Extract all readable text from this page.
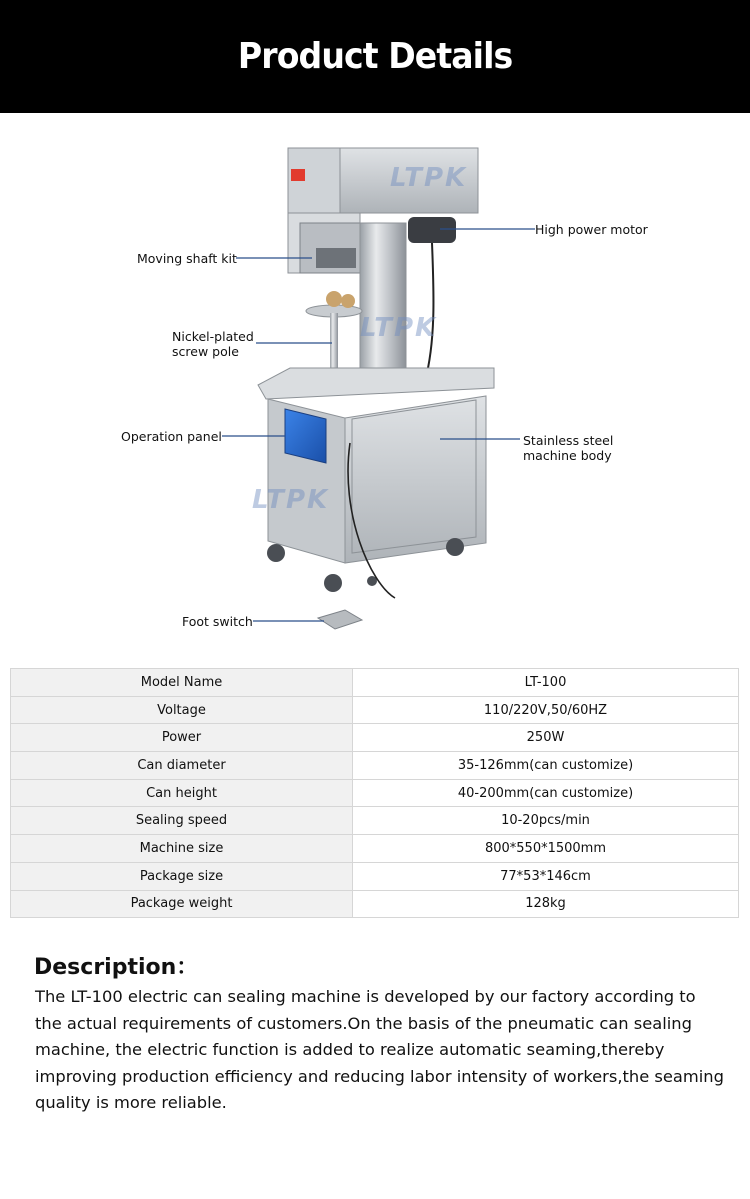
Product Details
LTPK
LTPK
LTPK
High power motor
Moving shaft kit
Nickel-plated
screw pole
Operation panel	Stainless steel
machine body
Foot switch
Model Name	LT-100
Voltage	110/220V,50/60HZ
Power	250W
Can diameter	35-126mm(can customize)
Can height	40-200mm(can customize)
Sealing speed	10-20pcs/min
Machine size	800*550*1500mm
Package size	77*53*146cm
Package weight	128kg
Description：
The LT-100 electric can sealing machine is developed by our factory according to the actual requirements of customers.On the basis of the pneumatic can sealing machine, the electric function is added to realize automatic seaming,thereby improving production efficiency and reducing labor intensity of workers,the seaming quality is more reliable.
